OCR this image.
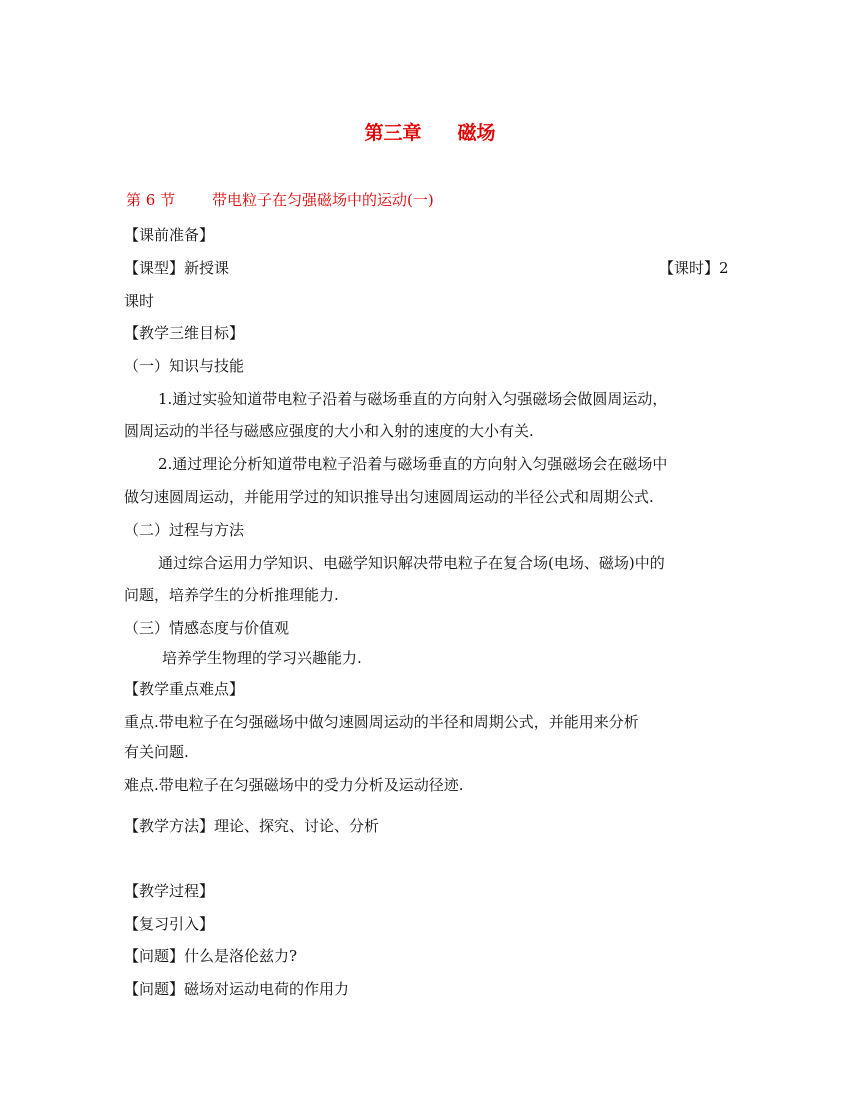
第三章 磁场
第 6 节 带电粒子在匀强磁场中的运动(一)
【课前准备】
【课型】新授课	【课时】2
课时
【教学三维目标】
（一）知识与技能
1.通过实验知道带电粒子沿着与磁场垂直的方向射入匀强磁场会做圆周运动，
圆周运动的半径与磁感应强度的大小和入射的速度的大小有关.
2.通过理论分析知道带电粒子沿着与磁场垂直的方向射入匀强磁场会在磁场中
做匀速圆周运动，并能用学过的知识推导出匀速圆周运动的半径公式和周期公式.
（二）过程与方法
通过综合运用力学知识、电磁学知识解决带电粒子在复合场(电场、磁场)中的
问题，培养学生的分析推理能力.
（三）情感态度与价值观
培养学生物理的学习兴趣能力.
【教学重点难点】
重点.带电粒子在匀强磁场中做匀速圆周运动的半径和周期公式，并能用来分析
有关问题.
难点.带电粒子在匀强磁场中的受力分析及运动径迹.
【教学方法】理论、探究、讨论、分析
【教学过程】
【复习引入】
【问题】什么是洛伦兹力?
【问题】磁场对运动电荷的作用力
